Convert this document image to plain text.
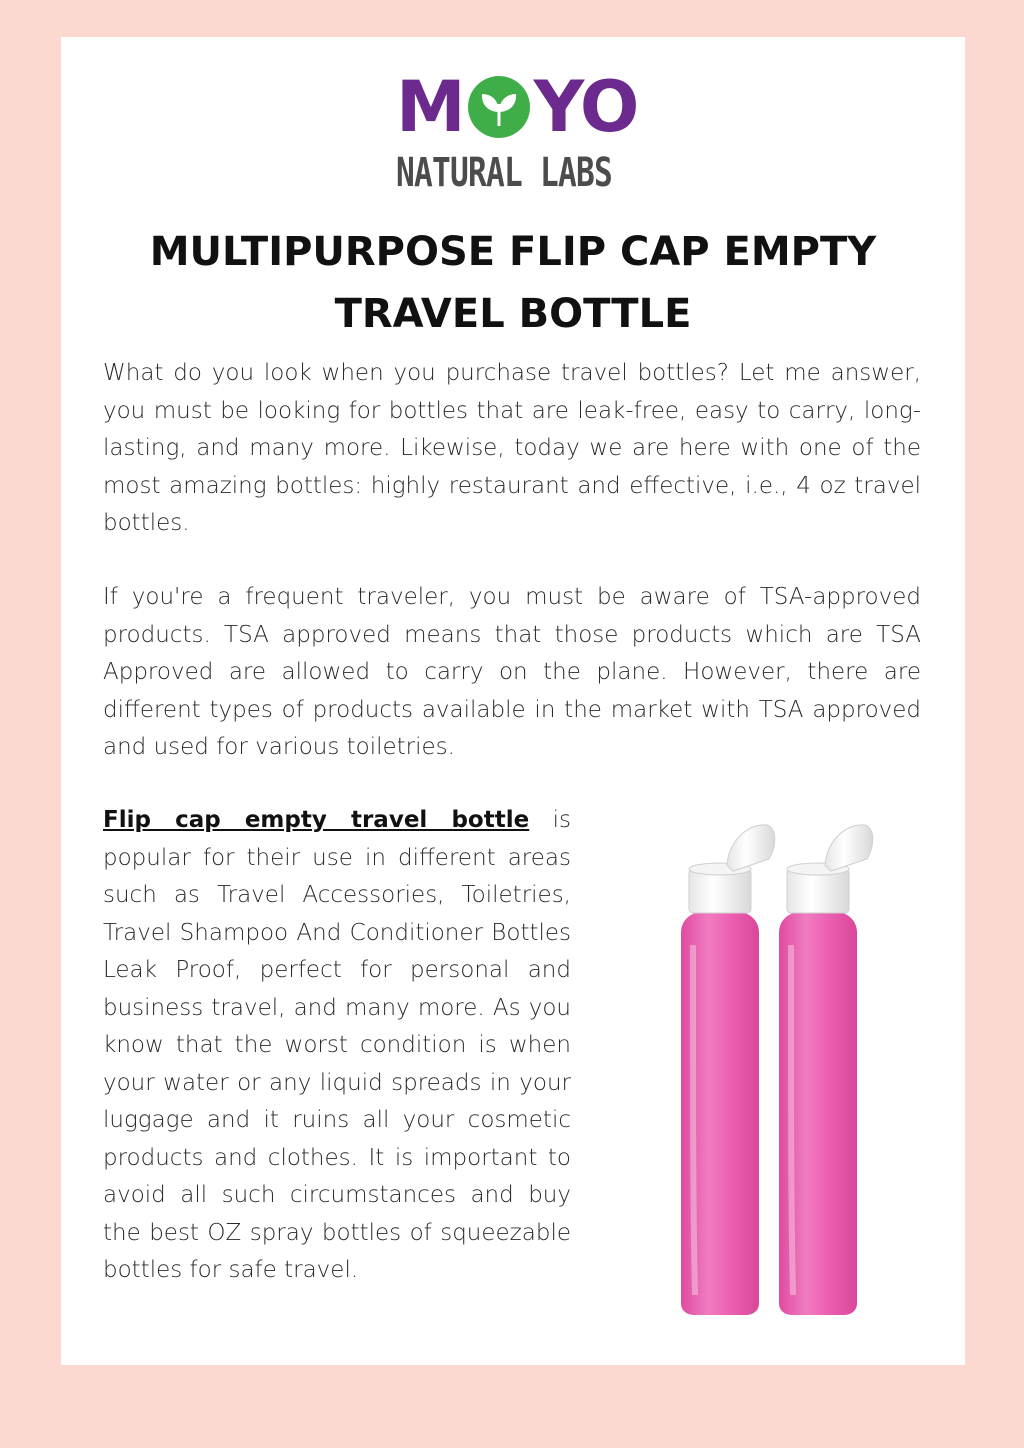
M YO
NATURAL LABS
MULTIPURPOSE FLIP CAP EMPTY TRAVEL BOTTLE

What do you look when you purchase travel bottles? Let me answer, you must be looking for bottles that are leak-free, easy to carry, long-lasting, and many more. Likewise, today we are here with one of the most amazing bottles: highly restaurant and effective, i.e., 4 oz travel bottles.

If you're a frequent traveler, you must be aware of TSA-approved products. TSA approved means that those products which are TSA Approved are allowed to carry on the plane. However, there are different types of products available in the market with TSA approved and used for various toiletries.

Flip cap empty travel bottle is popular for their use in different areas such as Travel Accessories, Toiletries, Travel Shampoo And Conditioner Bottles Leak Proof, perfect for personal and business travel, and many more. As you know that the worst condition is when your water or any liquid spreads in your luggage and it ruins all your cosmetic products and clothes. It is important to avoid all such circumstances and buy the best OZ spray bottles of squeezable bottles for safe travel.
